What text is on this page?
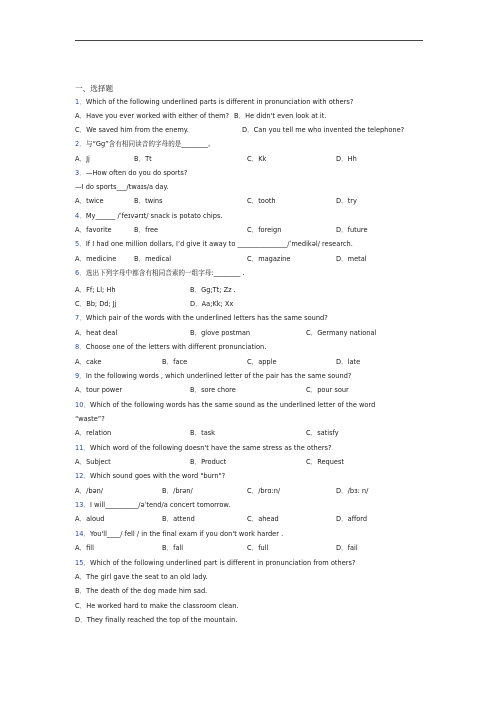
一、选择题
1．Which of the following underlined parts is different in pronunciation with others?
A．Have you ever worked with either of them? B．He didn't even look at it.
C．We saved him from the enemy.	D．Can you tell me who invented the telephone?
2．与“Gg”含有相同读音的字母的是________。
A．Jj	B．Tt	C．Kk	D．Hh
3．—How often do you do sports?
—I do sports___/twaɪs/a day.
A．twice	B．twins	C．tooth	D．try
4．My______ /ˈfeɪvərɪt/ snack is potato chips.
A．favorite	B．free	C．foreign	D．future
5．If I had one million dollars, I’d give it away to _______________/ˈmedikəl/ research.
A．medicine	B．medical	C．magazine	D．metal
6．选出下列字母中都含有相同音素的一组字母:________ .
A．Ff; Ll; Hh	B．Gg;Tt; Zz .
C．Bb; Dd; Jj	D．Aa;Kk; Xx
7．Which pair of the words with the underlined letters has the same sound?
A．heat deal	B．glove postman	C．Germany national
8．Choose one of the letters with different pronunciation.
A．cake	B．face	C．apple	D．late
9．In the following words , which underlined letter of the pair has the same sound?
A．tour power	B．sore chore	C．pour sour
10．Which of the following words has the same sound as the underlined letter of the word
“waste”?
A．relation	B．task	C．satisfy
11．Which word of the following doesn't have the same stress as the others?
A．Subject	B．Product	C．Request
12．Which sound goes with the word "burn"?
A．/bən/	B．/brən/	C．/brɑ:n/	D．/bɜ: n/
13．I will__________/əˈtend/a concert tomorrow.
A．aloud	B．attend	C．ahead	D．afford
14．You'll____/ fell / in the final exam if you don't work harder .
A．fill	B．fall	C．full	D．fail
15．Which of the following underlined part is different in pronunciation from others?
A．The girl gave the seat to an old lady.
B．The death of the dog made him sad.
C．He worked hard to make the classroom clean.
D．They finally reached the top of the mountain.
